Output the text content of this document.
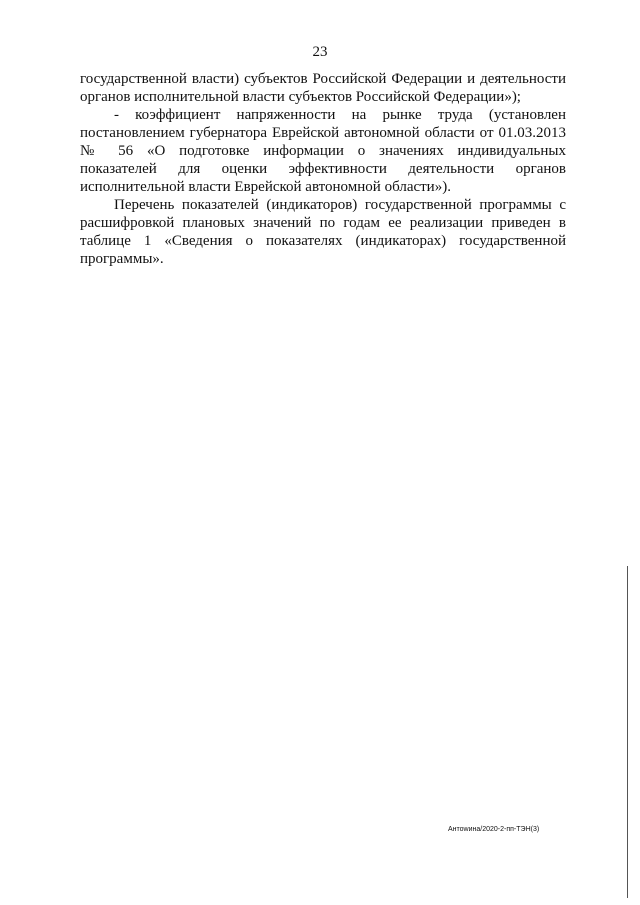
23

государственной власти) субъектов Российской Федерации и деятельности органов исполнительной власти субъектов Российской Федерации»);

- коэффициент напряженности на рынке труда (установлен постановлением губернатора Еврейской автономной области от 01.03.2013 № 56 «О подготовке информации о значениях индивидуальных показателей для оценки эффективности деятельности органов исполнительной власти Еврейской автономной области»).

Перечень показателей (индикаторов) государственной программы с расшифровкой плановых значений по годам ее реализации приведен в таблице 1 «Сведения о показателях (индикаторах) государственной программы».

Антоwина/2020-2-пп-ТЭН(3)
